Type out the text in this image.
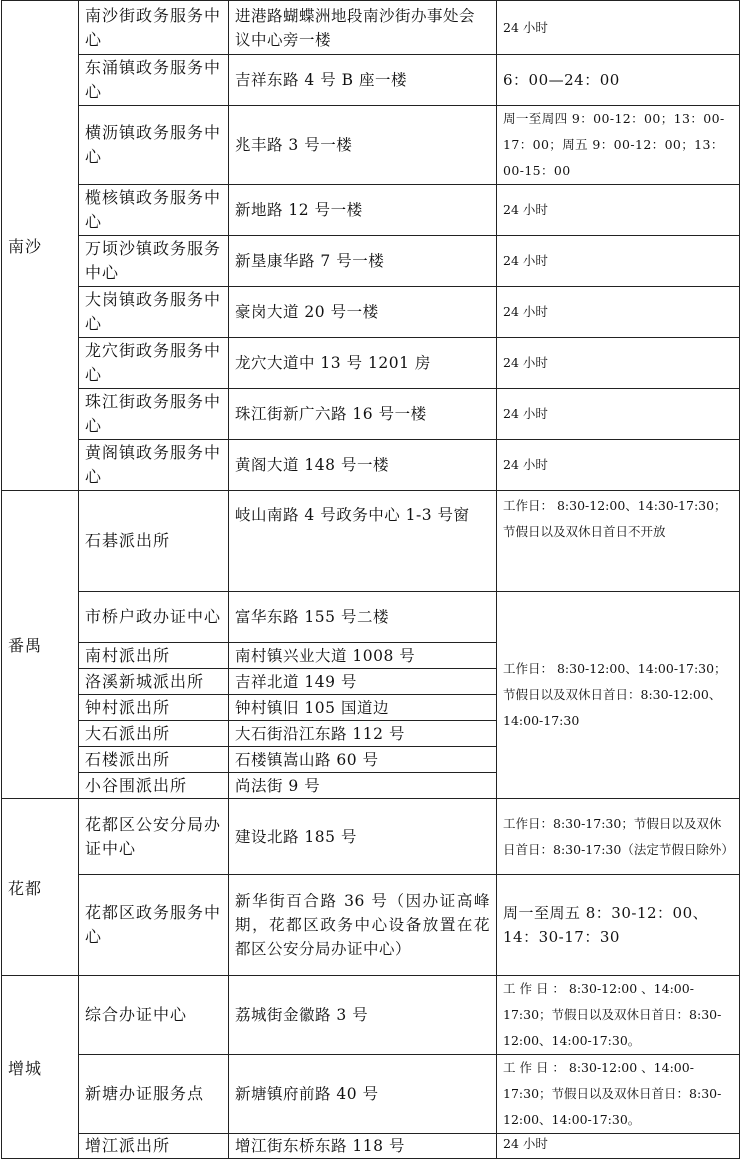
南沙	南沙街政务服务中心	进港路蝴蝶洲地段南沙街办事处会议中心旁一楼	24 小时
	东涌镇政务服务中心	吉祥东路 4 号 B 座一楼	6：00—24：00
	横沥镇政务服务中心	兆丰路 3 号一楼	周一至周四 9：00-12：00；13：00-17：00；周五 9：00-12：00；13：00-15：00
	榄核镇政务服务中心	新地路 12 号一楼	24 小时
	万顷沙镇政务服务中心	新垦康华路 7 号一楼	24 小时
	大岗镇政务服务中心	豪岗大道 20 号一楼	24 小时
	龙穴街政务服务中心	龙穴大道中 13 号 1201 房	24 小时
	珠江街政务服务中心	珠江街新广六路 16 号一楼	24 小时
	黄阁镇政务服务中心	黄阁大道 148 号一楼	24 小时
番禺	石碁派出所	岐山南路 4 号政务中心 1-3 号窗	工作日： 8:30-12:00、14:30-17:30； 节假日以及双休日首日不开放
	市桥户政办证中心	富华东路 155 号二楼	工作日： 8:30-12:00、14:00-17:30； 节假日以及双休日首日：8:30-12:00、14:00-17:30
	南村派出所	南村镇兴业大道 1008 号	
	洛溪新城派出所	吉祥北道 149 号	
	钟村派出所	钟村镇旧 105 国道边	
	大石派出所	大石街沿江东路 112 号	
	石楼派出所	石楼镇嵩山路 60 号	
	小谷围派出所	尚法街 9 号	
花都	花都区公安分局办证中心	建设北路 185 号	工作日：8:30-17:30；节假日以及双休日首日：8:30-17:30（法定节假日除外）
	花都区政务服务中心	新华街百合路 36 号（因办证高峰期，花都区政务中心设备放置在花都区公安分局办证中心）	周一至周五 8：30-12：00、14：30-17：30
增城	综合办证中心	荔城街金徽路 3 号	工 作 日 ： 8:30-12:00 、14:00-17:30；节假日以及双休日首日：8:30-12:00、14:00-17:30。
	新塘办证服务点	新塘镇府前路 40 号	工 作 日 ： 8:30-12:00 、14:00-17:30；节假日以及双休日首日：8:30-12:00、14:00-17:30。
	增江派出所	增江街东桥东路 118 号	24 小时
